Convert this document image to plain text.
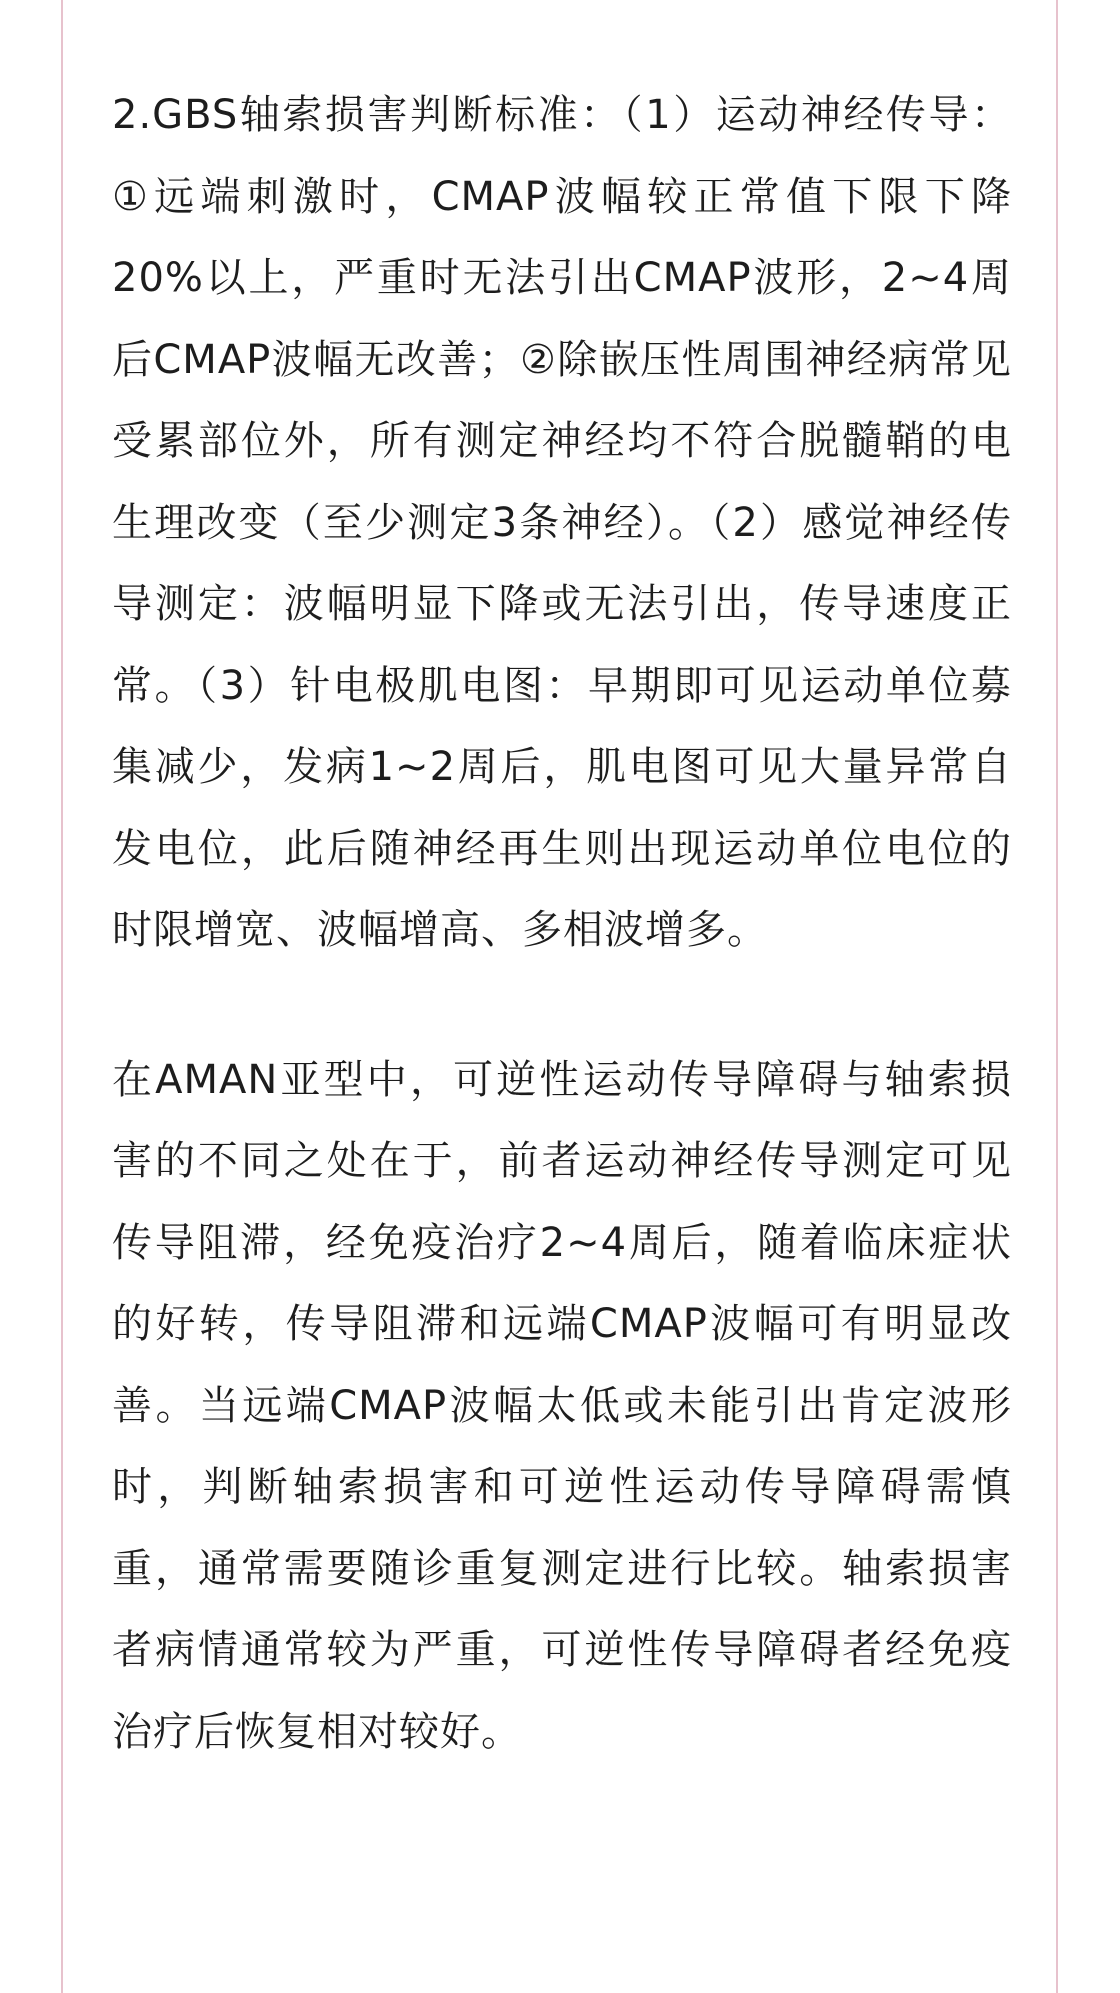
2.GBS轴索损害判断标准：（1）运动神经传导：①远端刺激时，CMAP波幅较正常值下限下降20%以上，严重时无法引出CMAP波形，2~4周后CMAP波幅无改善；②除嵌压性周围神经病常见受累部位外，所有测定神经均不符合脱髓鞘的电生理改变（至少测定3条神经）。（2）感觉神经传导测定：波幅明显下降或无法引出，传导速度正常。（3）针电极肌电图：早期即可见运动单位募集减少，发病1~2周后，肌电图可见大量异常自发电位，此后随神经再生则出现运动单位电位的时限增宽、波幅增高、多相波增多。

在AMAN亚型中，可逆性运动传导障碍与轴索损害的不同之处在于，前者运动神经传导测定可见传导阻滞，经免疫治疗2~4周后，随着临床症状的好转，传导阻滞和远端CMAP波幅可有明显改善。当远端CMAP波幅太低或未能引出肯定波形时，判断轴索损害和可逆性运动传导障碍需慎重，通常需要随诊重复测定进行比较。轴索损害者病情通常较为严重，可逆性传导障碍者经免疫治疗后恢复相对较好。
